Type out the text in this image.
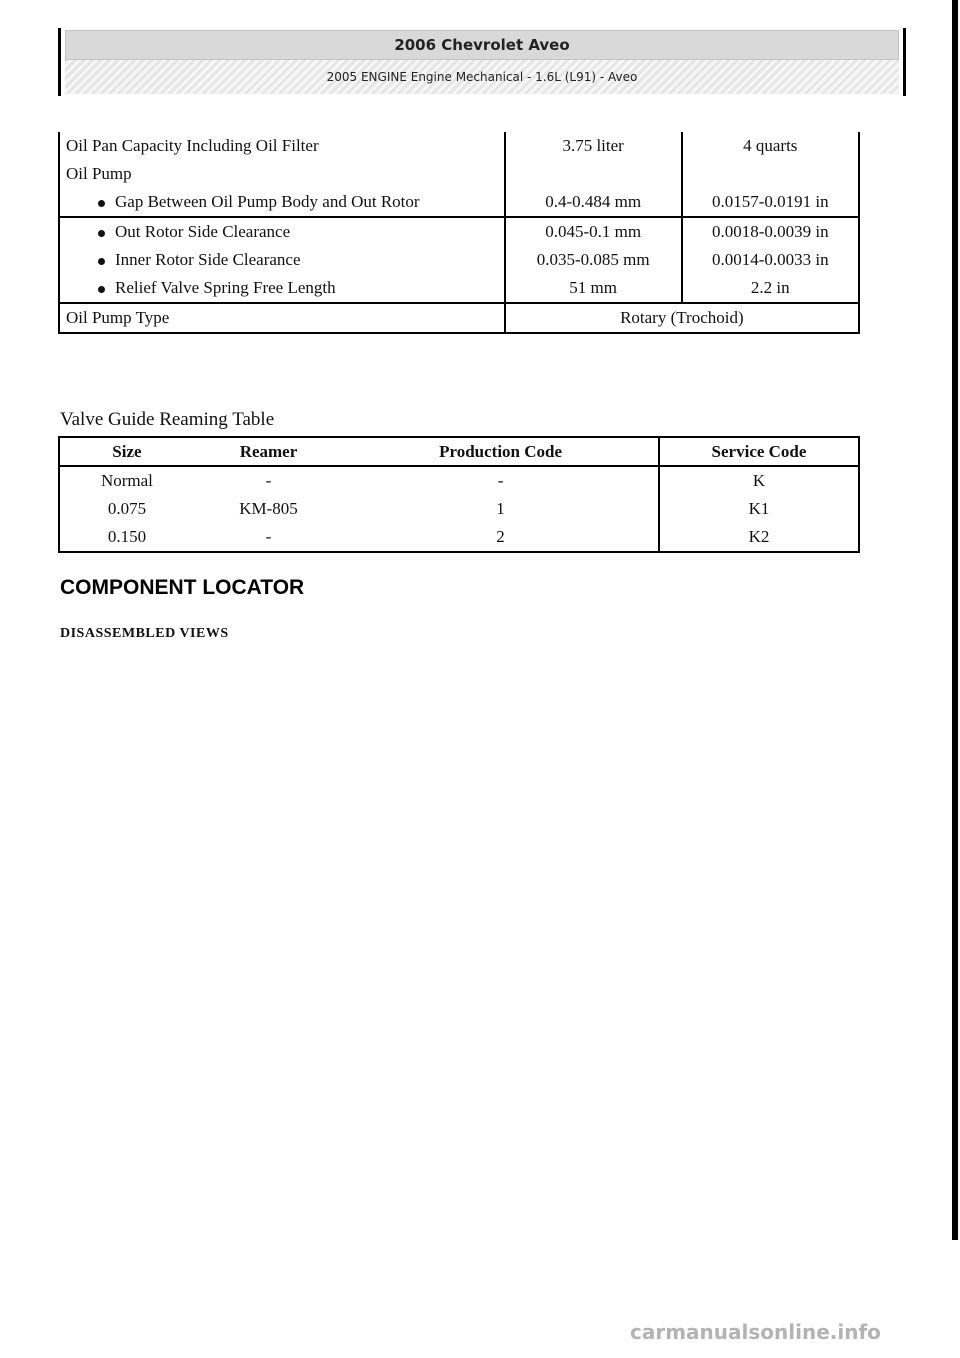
2006 Chevrolet Aveo
2005 ENGINE Engine Mechanical - 1.6L (L91) - Aveo
Oil Pan Capacity Including Oil Filter	3.75 liter	4 quarts
Oil Pump		

Gap Between Oil Pump Body and Out Rotor	0.4-0.484 mm	0.0157-0.0191 in

Out Rotor Side Clearance	0.045-0.1 mm	0.0018-0.0039 in

Inner Rotor Side Clearance	0.035-0.085 mm	0.0014-0.0033 in

Relief Valve Spring Free Length	51 mm	2.2 in
Oil Pump Type	Rotary (Trochoid)	
Valve Guide Reaming Table
Size	Reamer	Production Code	Service Code
Normal	-	-	K
0.075	KM-805	1	K1
0.150	-	2	K2
COMPONENT LOCATOR
DISASSEMBLED VIEWS
carmanualsonline.info
